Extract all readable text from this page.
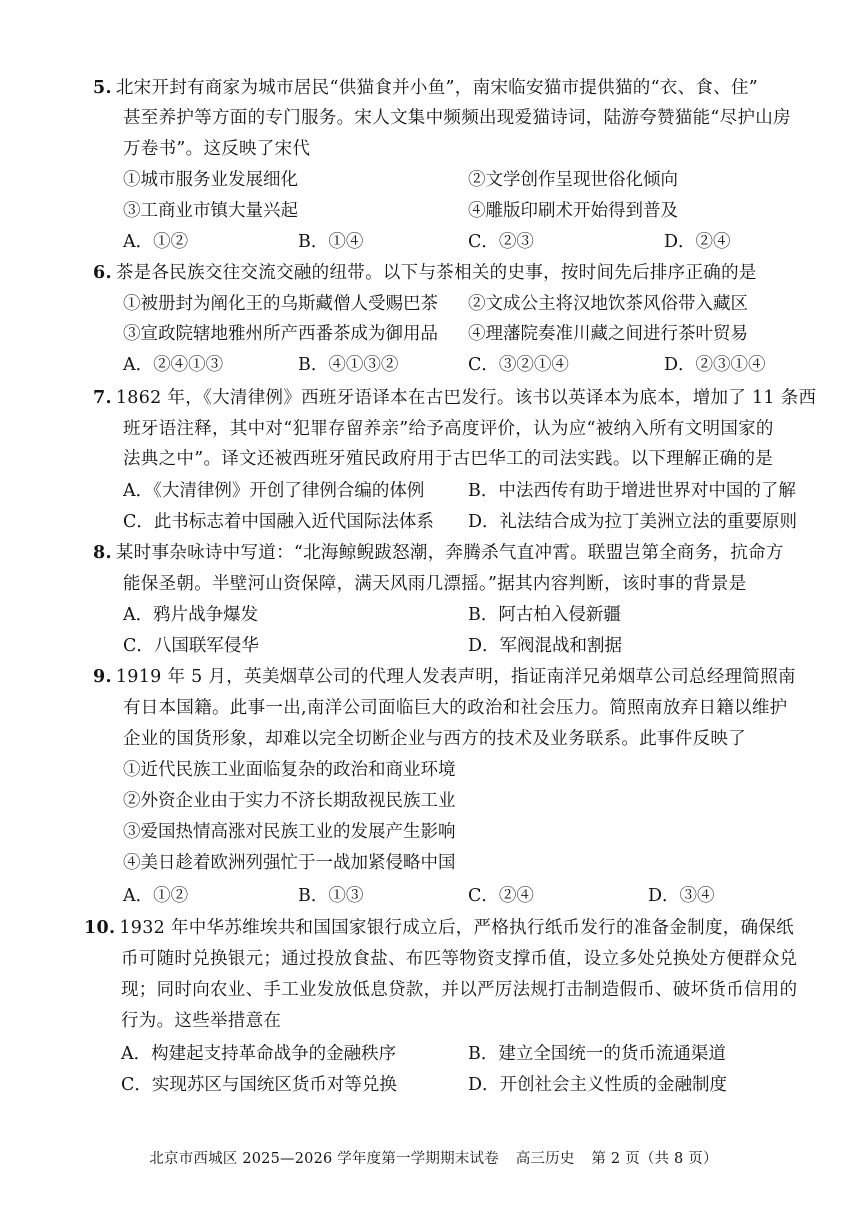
5. 北宋开封有商家为城市居民“供猫食并小鱼”，南宋临安猫市提供猫的“衣、食、住”
甚至养护等方面的专门服务。宋人文集中频频出现爱猫诗词，陆游夸赞猫能“尽护山房
万卷书”。这反映了宋代
①城市服务业发展细化	②文学创作呈现世俗化倾向
③工商业市镇大量兴起	④雕版印刷术开始得到普及
A．①②	B．①④	C．②③	D．②④
6. 茶是各民族交往交流交融的纽带。以下与茶相关的史事，按时间先后排序正确的是
①被册封为阐化王的乌斯藏僧人受赐巴茶 ②文成公主将汉地饮茶风俗带入藏区
③宣政院辖地雅州所产西番茶成为御用品 ④理藩院奏准川藏之间进行茶叶贸易
A．②④①③	B．④①③②	C．③②①④	D．②③①④
7. 1862 年，《大清律例》西班牙语译本在古巴发行。该书以英译本为底本，增加了 11 条西
班牙语注释，其中对“犯罪存留养亲”给予高度评价，认为应“被纳入所有文明国家的
法典之中”。译文还被西班牙殖民政府用于古巴华工的司法实践。以下理解正确的是
A．《大清律例》开创了律例合编的体例 B．中法西传有助于增进世界对中国的了解
C．此书标志着中国融入近代国际法体系 D．礼法结合成为拉丁美洲立法的重要原则
8. 某时事杂咏诗中写道：“北海鲸鲵跋怒潮，奔腾杀气直冲霄。联盟岂第全商务，抗命方
能保圣朝。半壁河山资保障，满天风雨几漂摇。”据其内容判断，该时事的背景是
A．鸦片战争爆发	B．阿古柏入侵新疆
C．八国联军侵华	D．军阀混战和割据
9. 1919 年 5 月，英美烟草公司的代理人发表声明，指证南洋兄弟烟草公司总经理简照南
有日本国籍。此事一出,南洋公司面临巨大的政治和社会压力。简照南放弃日籍以维护
企业的国货形象，却难以完全切断企业与西方的技术及业务联系。此事件反映了
①近代民族工业面临复杂的政治和商业环境
②外资企业由于实力不济长期敌视民族工业
③爱国热情高涨对民族工业的发展产生影响
④美日趁着欧洲列强忙于一战加紧侵略中国
A．①②	B．①③	C．②④	D．③④
10. 1932 年中华苏维埃共和国国家银行成立后，严格执行纸币发行的准备金制度，确保纸
币可随时兑换银元；通过投放食盐、布匹等物资支撑币值，设立多处兑换处方便群众兑
现；同时向农业、手工业发放低息贷款，并以严厉法规打击制造假币、破坏货币信用的
行为。这些举措意在
A．构建起支持革命战争的金融秩序	B．建立全国统一的货币流通渠道
C．实现苏区与国统区货币对等兑换	D．开创社会主义性质的金融制度
北京市西城区 2025—2026 学年度第一学期期末试卷 高三历史 第 2 页（共 8 页）
